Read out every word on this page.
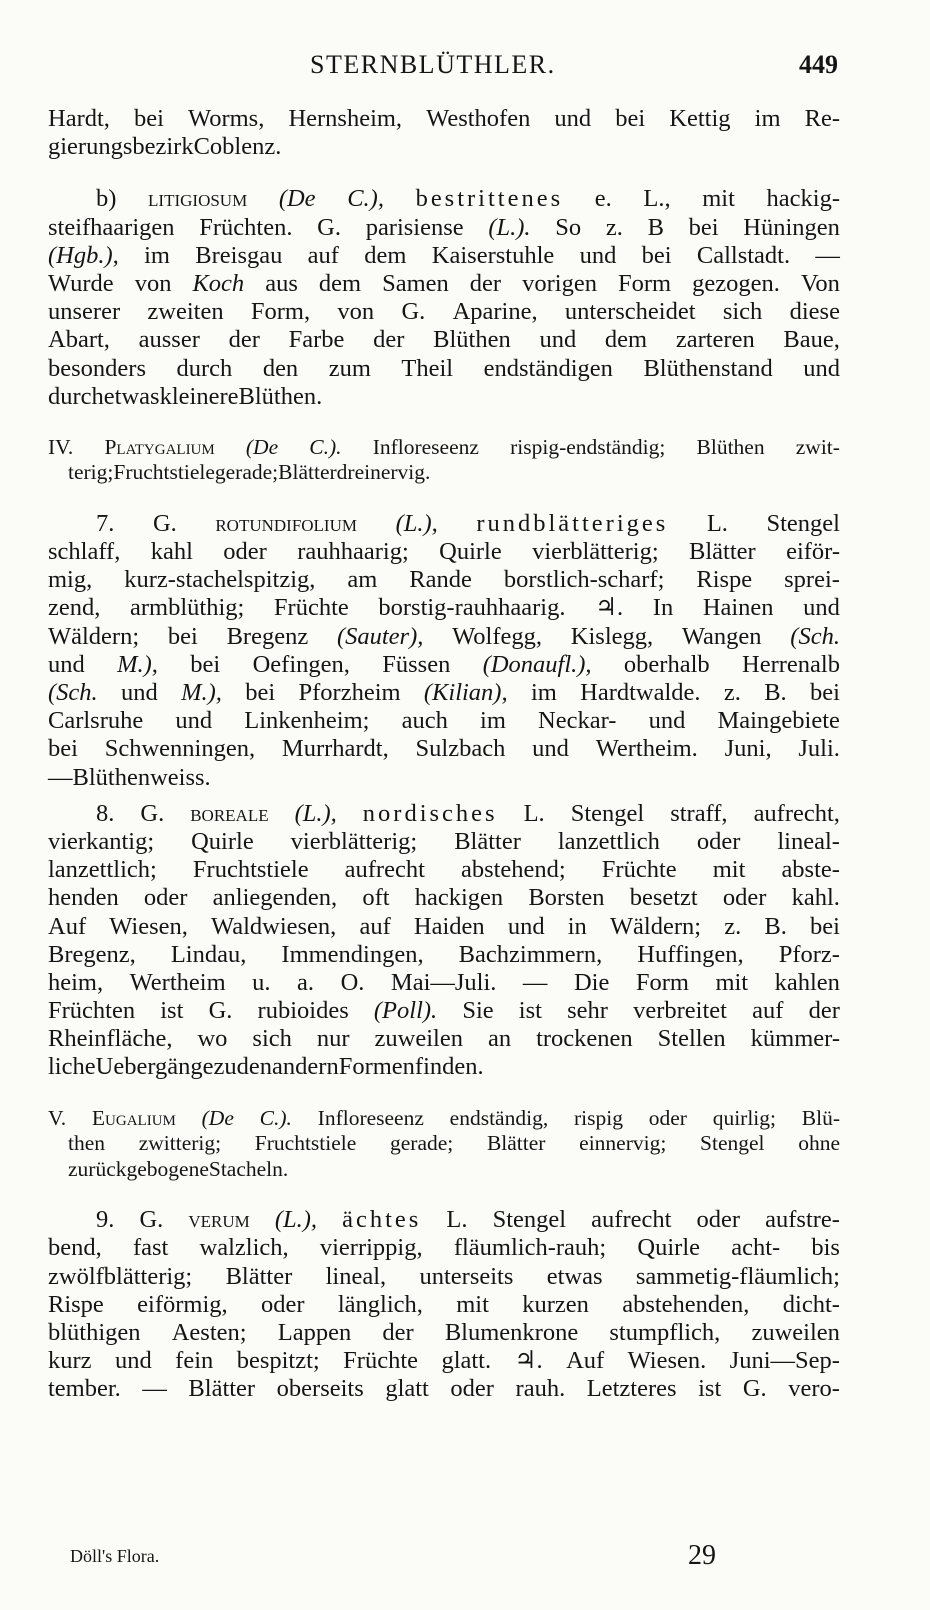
STERNBLÜTHLER.	449
Hardt, bei Worms, Hernsheim, Westhofen und bei Kettig im Re-
gierungsbezirk Coblenz.
b) litigiosum (De C.), bestrittenes e. L., mit hackig-
steifhaarigen Früchten. G. parisiense (L.). So z. B bei Hüningen
(Hgb.), im Breisgau auf dem Kaiserstuhle und bei Callstadt. —
Wurde von Koch aus dem Samen der vorigen Form gezogen. Von
unserer zweiten Form, von G. Aparine, unterscheidet sich diese
Abart, ausser der Farbe der Blüthen und dem zarteren Baue,
besonders durch den zum Theil endständigen Blüthenstand und
durch etwas kleinere Blüthen.
IV. Platygalium (De C.). Infloreseenz rispig-endständig; Blüthen zwit-
terig; Fruchtstiele gerade; Blätter dreinervig.
7. G. rotundifolium (L.), rundblätteriges L. Stengel
schlaff, kahl oder rauhhaarig; Quirle vierblätterig; Blätter eiför-
mig, kurz-stachelspitzig, am Rande borstlich-scharf; Rispe sprei-
zend, armblüthig; Früchte borstig-rauhhaarig. ♃. In Hainen und
Wäldern; bei Bregenz (Sauter), Wolfegg, Kislegg, Wangen (Sch.
und M.), bei Oefingen, Füssen (Donaufl.), oberhalb Herrenalb
(Sch. und M.), bei Pforzheim (Kilian), im Hardtwalde. z. B. bei
Carlsruhe und Linkenheim; auch im Neckar- und Maingebiete
bei Schwenningen, Murrhardt, Sulzbach und Wertheim. Juni, Juli.
— Blüthen weiss.
8. G. boreale (L.), nordisches L. Stengel straff, aufrecht,
vierkantig; Quirle vierblätterig; Blätter lanzettlich oder lineal-
lanzettlich; Fruchtstiele aufrecht abstehend; Früchte mit abste-
henden oder anliegenden, oft hackigen Borsten besetzt oder kahl.
Auf Wiesen, Waldwiesen, auf Haiden und in Wäldern; z. B. bei
Bregenz, Lindau, Immendingen, Bachzimmern, Huffingen, Pforz-
heim, Wertheim u. a. O. Mai—Juli. — Die Form mit kahlen
Früchten ist G. rubioides (Poll). Sie ist sehr verbreitet auf der
Rheinfläche, wo sich nur zuweilen an trockenen Stellen kümmer-
liche Uebergänge zu den andern Formen finden.
V. Eugalium (De C.). Infloreseenz endständig, rispig oder quirlig; Blü-
then zwitterig; Fruchtstiele gerade; Blätter einnervig; Stengel ohne
zurückgebogene Stacheln.
9. G. verum (L.), ächtes L. Stengel aufrecht oder aufstre-
bend, fast walzlich, vierrippig, fläumlich-rauh; Quirle acht- bis
zwölfblätterig; Blätter lineal, unterseits etwas sammetig-fläumlich;
Rispe eiförmig, oder länglich, mit kurzen abstehenden, dicht-
blüthigen Aesten; Lappen der Blumenkrone stumpflich, zuweilen
kurz und fein bespitzt; Früchte glatt. ♃. Auf Wiesen. Juni—Sep-
tember. — Blätter oberseits glatt oder rauh. Letzteres ist G. vero-
Döll's Flora.	29
